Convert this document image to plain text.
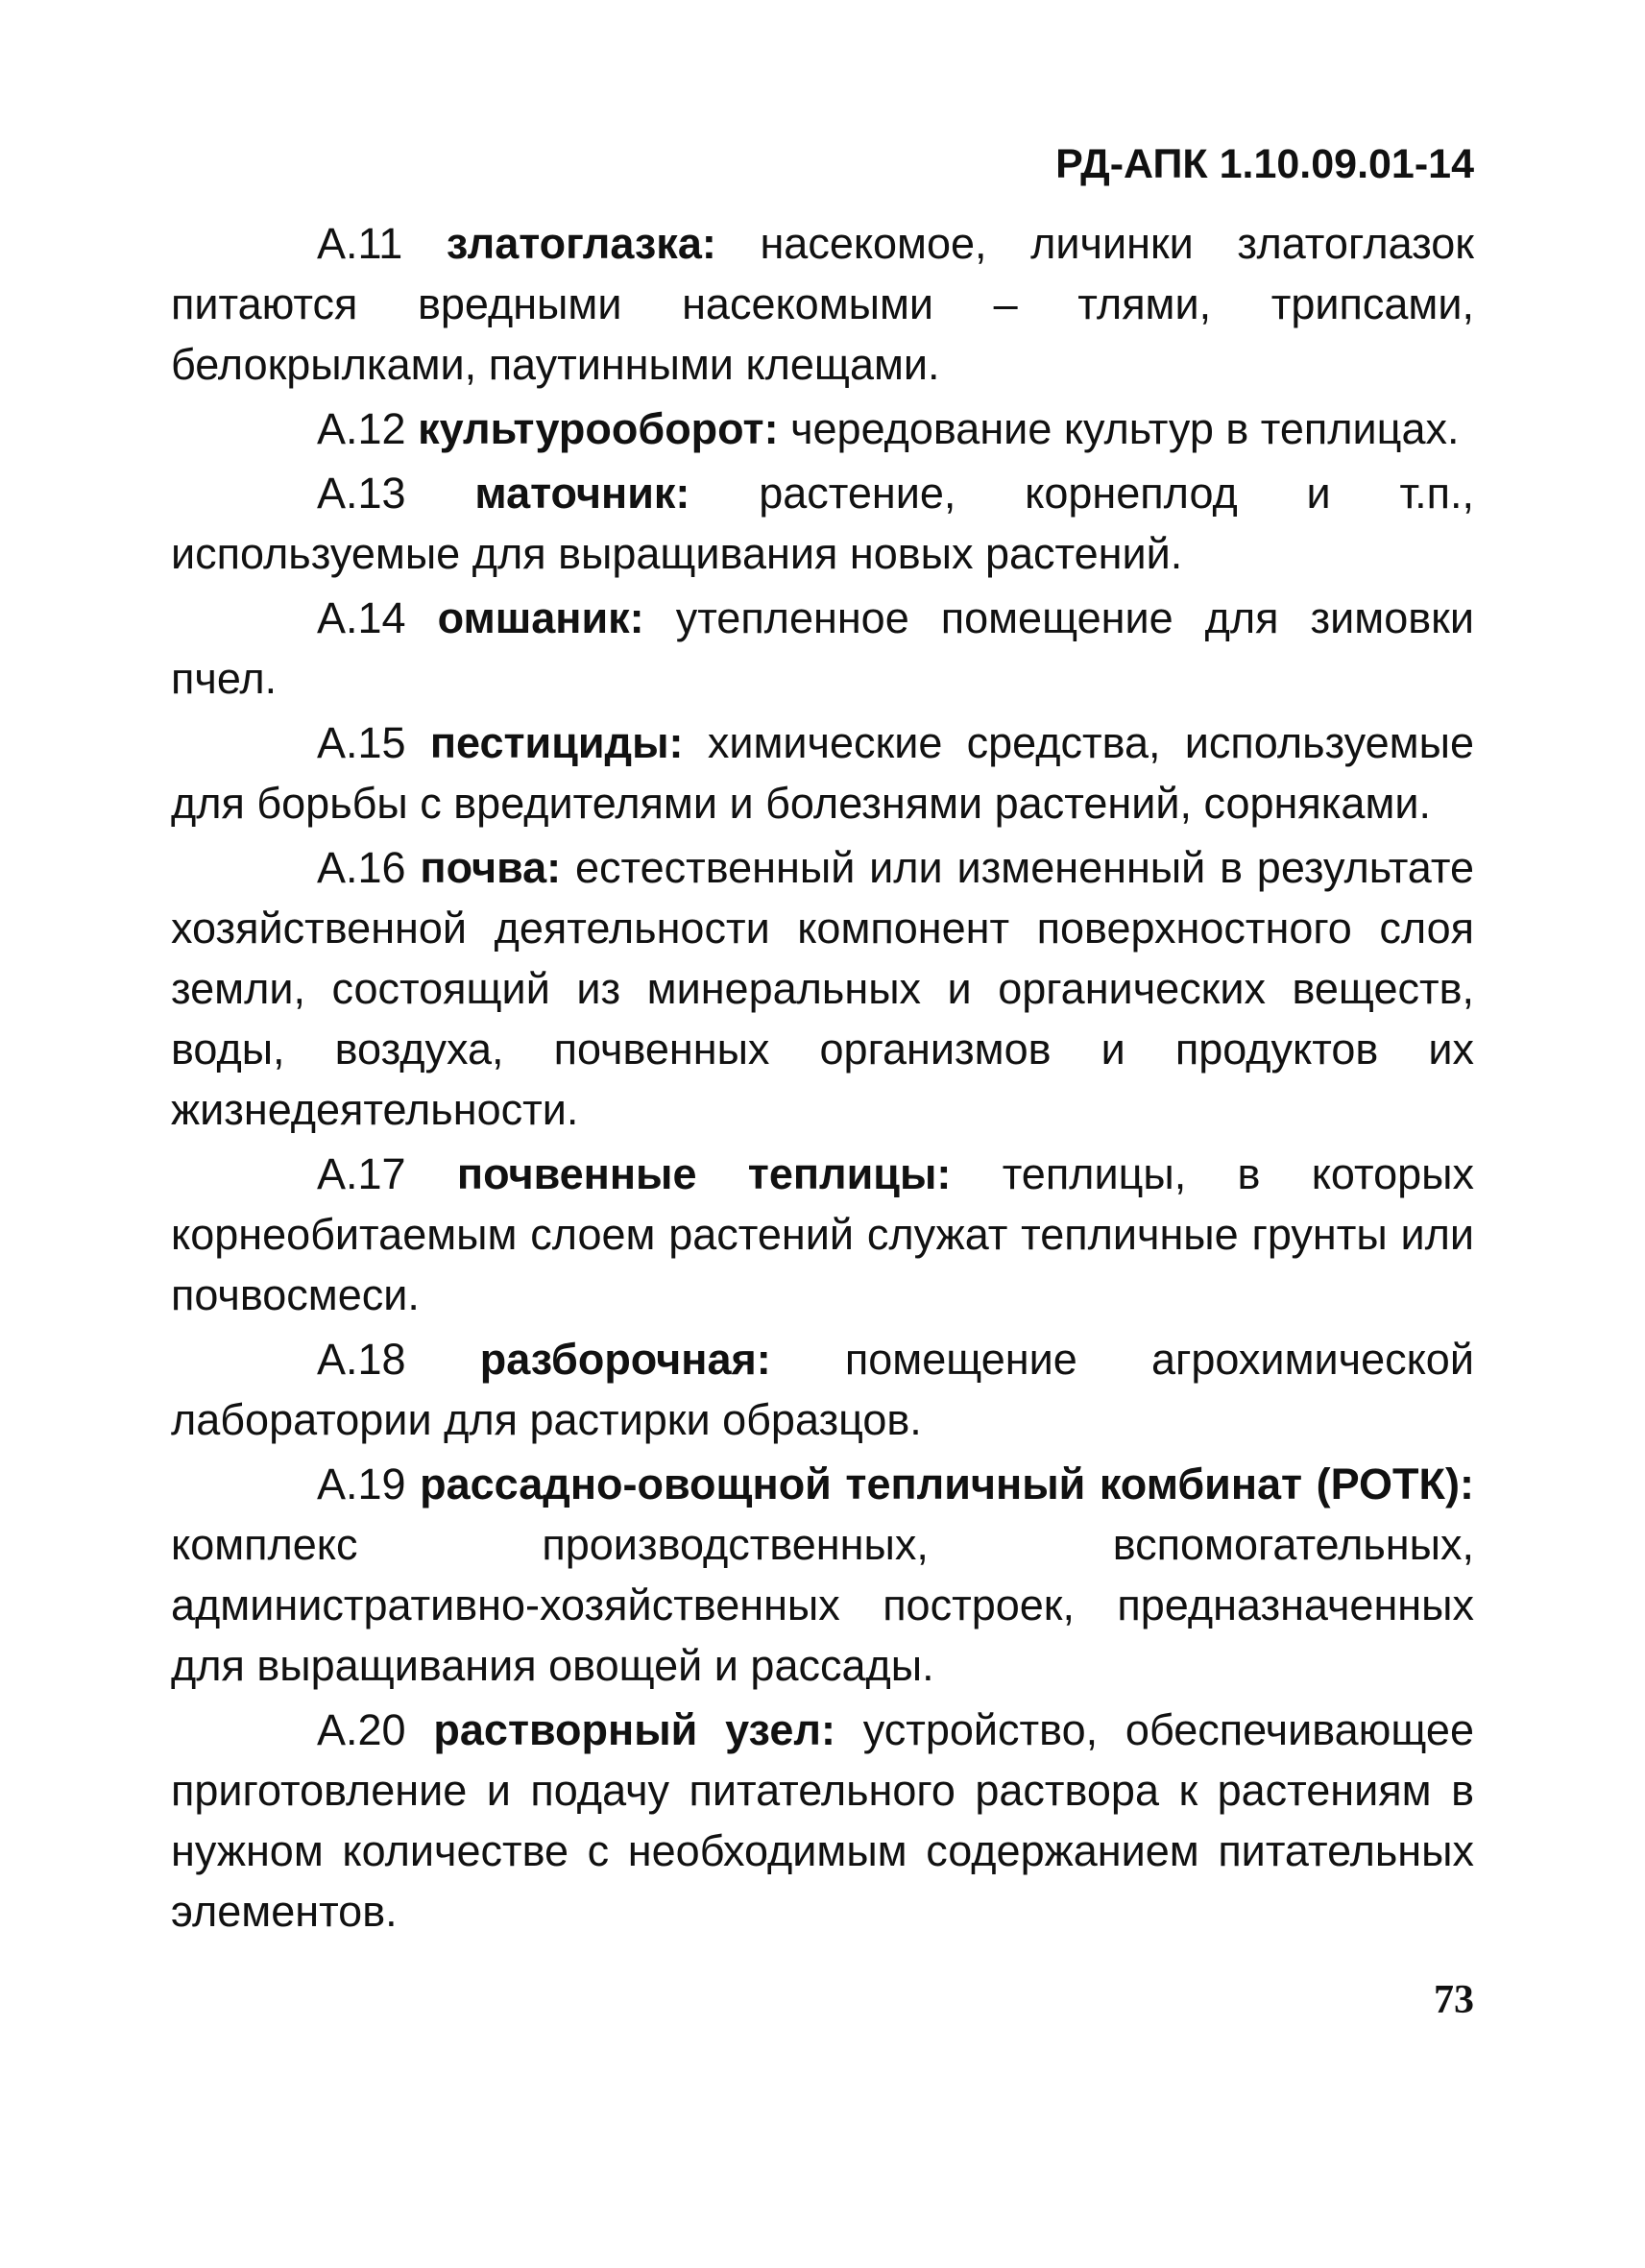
РД-АПК 1.10.09.01-14

А.11 златоглазка: насекомое, личинки златоглазок питаются вредными насекомыми – тлями, трипсами, белокрылками, паутинными клещами.

А.12 культурооборот: чередование культур в теплицах.

А.13 маточник: растение, корнеплод и т.п., используемые для выращивания новых растений.

А.14 омшаник: утепленное помещение для зимовки пчел.

А.15 пестициды: химические средства, используемые для борьбы с вредителями и болезнями растений, сорняками.

А.16 почва: естественный или измененный в результате хозяйственной деятельности компонент поверхностного слоя земли, состоящий из минеральных и органических веществ, воды, воздуха, почвенных организмов и продуктов их жизнедеятельности.

А.17 почвенные теплицы: теплицы, в которых корнеобитаемым слоем растений служат тепличные грунты или почвосмеси.

А.18 разборочная: помещение агрохимической лаборатории для растирки образцов.

А.19 рассадно-овощной тепличный комбинат (РОТК): комплекс производственных, вспомогательных, административно-хозяйственных построек, предназначенных для выращивания овощей и рассады.

А.20 растворный узел: устройство, обеспечивающее приготовление и подачу питательного раствора к растениям в нужном количестве с необходимым содержанием питательных элементов.

73
